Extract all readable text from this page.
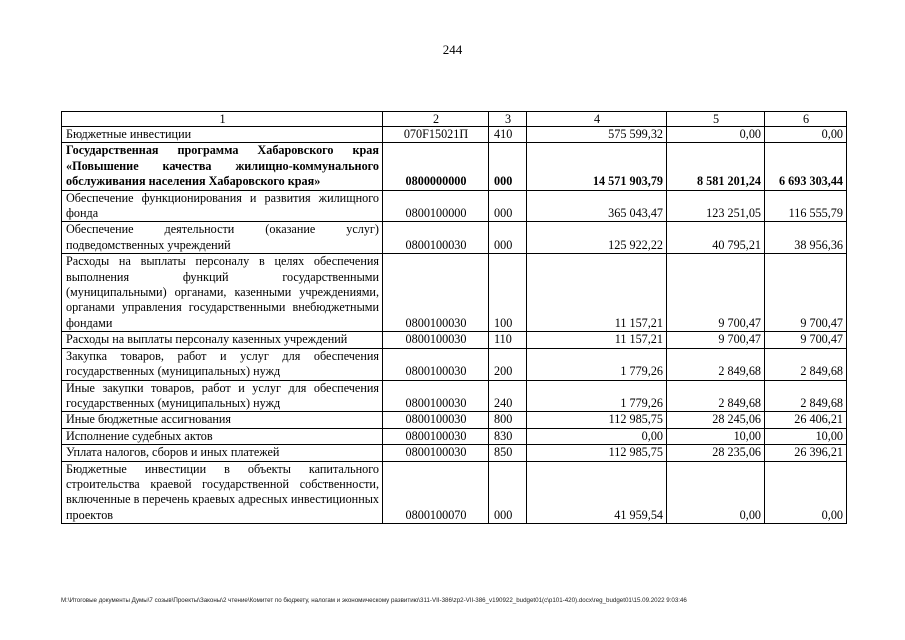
244
1	2	3	4	5	6
Бюджетные инвестиции	070F15021П	410	575 599,32	0,00	0,00
Государственная программа Хабаровского края «Повышение качества жилищно-коммунального обслуживания населения Хабаровского края»	0800000000	000	14 571 903,79	8 581 201,24	6 693 303,44
Обеспечение функционирования и развития жилищного фонда	0800100000	000	365 043,47	123 251,05	116 555,79
Обеспечение деятельности (оказание услуг) подведомственных учреждений	0800100030	000	125 922,22	40 795,21	38 956,36
Расходы на выплаты персоналу в целях обеспечения выполнения функций государственными (муниципальными) органами, казенными учреждениями, органами управления государственными внебюджетными фондами	0800100030	100	11 157,21	9 700,47	9 700,47
Расходы на выплаты персоналу казенных учреждений	0800100030	110	11 157,21	9 700,47	9 700,47
Закупка товаров, работ и услуг для обеспечения государственных (муниципальных) нужд	0800100030	200	1 779,26	2 849,68	2 849,68
Иные закупки товаров, работ и услуг для обеспечения государственных (муниципальных) нужд	0800100030	240	1 779,26	2 849,68	2 849,68
Иные бюджетные ассигнования	0800100030	800	112 985,75	28 245,06	26 406,21
Исполнение судебных актов	0800100030	830	0,00	10,00	10,00
Уплата налогов, сборов и иных платежей	0800100030	850	112 985,75	28 235,06	26 396,21
Бюджетные инвестиции в объекты капитального строительства краевой государственной собственности, включенные в перечень краевых адресных инвестиционных проектов	0800100070	000	41 959,54	0,00	0,00
M:\Итоговые документы Думы\7 созыв\Проекты\Законы\2 чтение\Комитет по бюджету, налогам и экономическому развитию\311-VII-386\zp2-VII-386_v190922_budget01(c\p101-420).docx\reg_budget01\15.09.2022 9:03:46
